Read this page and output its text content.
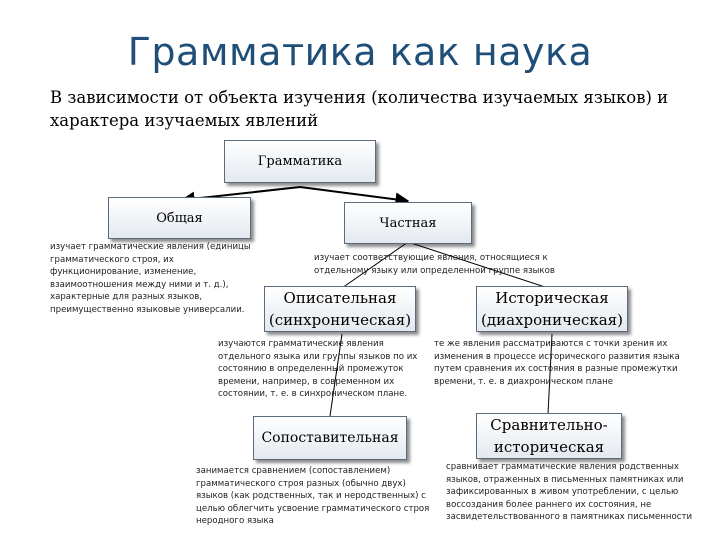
Грамматика как наука
В зависимости от объекта изучения (количества изучаемых языков) и характера изучаемых явлений
Грамматика
Общая	Частная
Описательная (синхроническая)
Историческая (диахроническая)
Сопоставительная
Сравнительно-историческая
изучает грамматические явления (единицы грамматического строя, их функционирование, изменение, взаимоотношения между ними и т. д.), характерные для разных языков, преимущественно языковые универсалии.
изучает соответствующие явления, относящиеся к отдельному языку или определенной группе языков
изучаются грамматические явления отдельного языка или группы языков по их состоянию в определенный промежуток времени, например, в современном их состоянии, т. е. в синхроническом плане.
те же явления рассматриваются с точки зрения их изменения в процессе исторического развития языка путем сравнения их состояния в разные промежутки времени, т. е. в диахроническом плане
занимается сравнением (сопоставлением) грамматического строя разных (обычно двух) языков (как родственных, так и неродственных) с целью облегчить усвоение грамматического строя неродного языка
сравнивает грамматические явления родственных языков, отраженных в письменных памятниках или зафиксированных в живом употреблении, с целью воссоздания более раннего их состояния, не засвидетельствованного в памятниках письменности
